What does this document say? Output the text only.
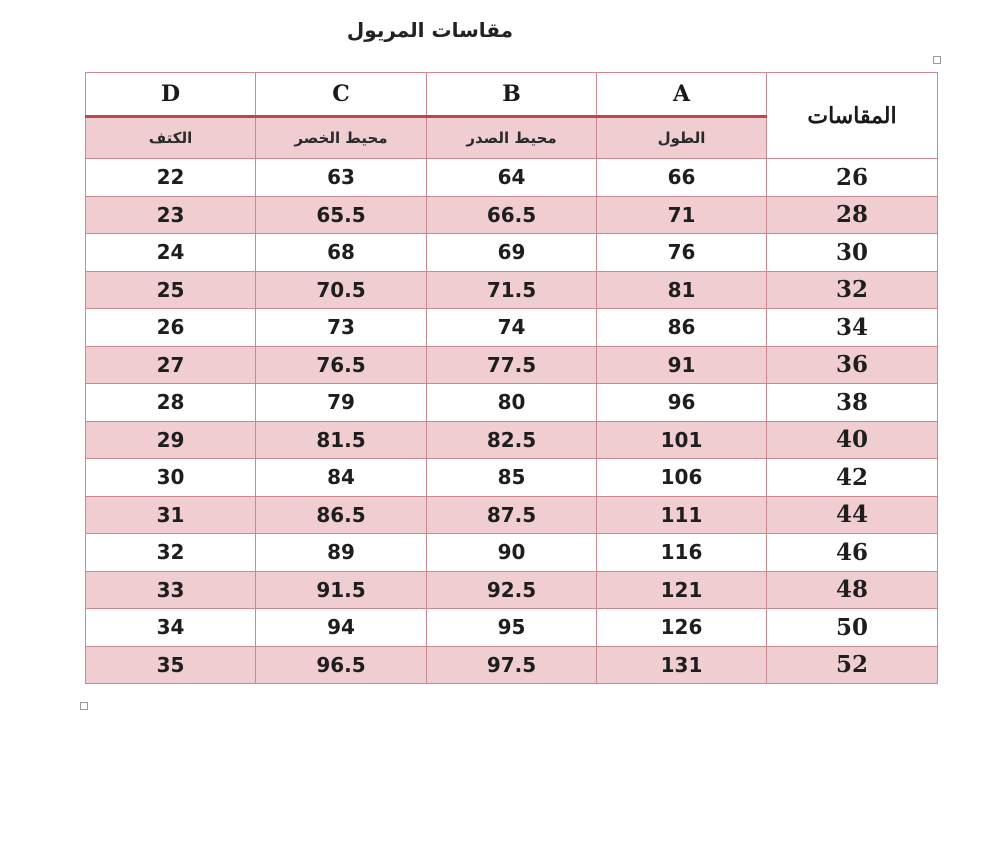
مقاسات المريول
D	C	B	A	المقاسات
الكتف	محيط الخصر	محيط الصدر	الطول	
22	63	64	66	26
23	65.5	66.5	71	28
24	68	69	76	30
25	70.5	71.5	81	32
26	73	74	86	34
27	76.5	77.5	91	36
28	79	80	96	38
29	81.5	82.5	101	40
30	84	85	106	42
31	86.5	87.5	111	44
32	89	90	116	46
33	91.5	92.5	121	48
34	94	95	126	50
35	96.5	97.5	131	52
